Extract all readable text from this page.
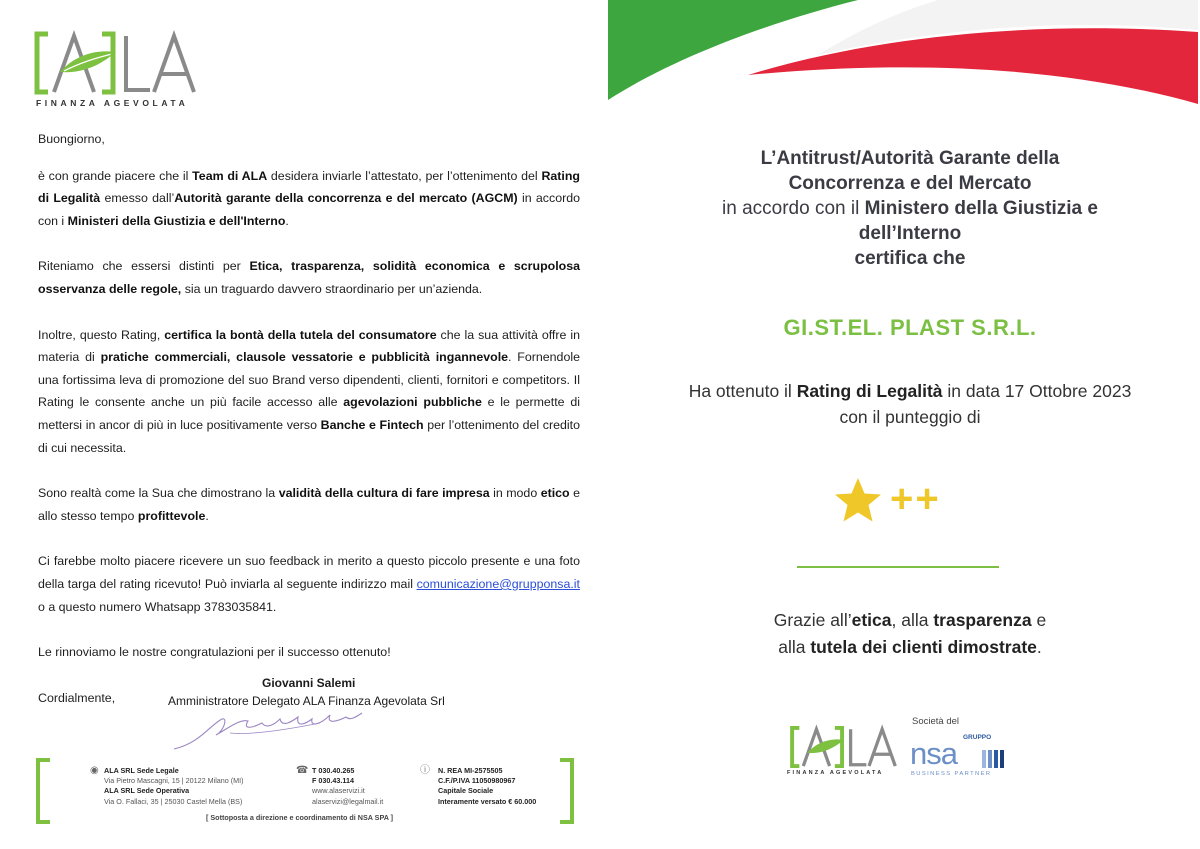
FINANZA AGEVOLATA

Buongiorno,

è con grande piacere che il Team di ALA desidera inviarle l’attestato, per l’ottenimento del Rating di Legalità emesso dall’Autorità garante della concorrenza e del mercato (AGCM) in accordo con i Ministeri della Giustizia e dell'Interno.

Riteniamo che essersi distinti per Etica, trasparenza, solidità economica e scrupolosa osservanza delle regole, sia un traguardo davvero straordinario per un’azienda.

Inoltre, questo Rating, certifica la bontà della tutela del consumatore che la sua attività offre in materia di pratiche commerciali, clausole vessatorie e pubblicità ingannevole. Fornendole una fortissima leva di promozione del suo Brand verso dipendenti, clienti, fornitori e competitors. Il Rating le consente anche un più facile accesso alle agevolazioni pubbliche e le permette di mettersi in ancor di più in luce positivamente verso Banche e Fintech per l’ottenimento del credito di cui necessita.

Sono realtà come la Sua che dimostrano la validità della cultura di fare impresa in modo etico e allo stesso tempo profittevole.

Ci farebbe molto piacere ricevere un suo feedback in merito a questo piccolo presente e una foto della targa del rating ricevuto! Può inviarla al seguente indirizzo mail comunicazione@grupponsa.it o a questo numero Whatsapp 3783035841.

Le rinnoviamo le nostre congratulazioni per il successo ottenuto!

Cordialmente,

Giovanni Salemi
Amministratore Delegato ALA Finanza Agevolata Srl
◉ ALA SRL Sede Legale
Via Pietro Mascagni, 15 | 20122 Milano (MI)
ALA SRL Sede Operativa
Via O. Fallaci, 35 | 25030 Castel Mella (BS)
☎ T 030.40.265
F 030.43.114
www.alaservizi.it
alaservizi@legalmail.it
ⓘ N. REA MI-2575505
C.F./P.IVA 11050980967
Capitale Sociale
Interamente versato € 60.000
[ Sottoposta a direzione e coordinamento di NSA SPA ]
L’Antitrust/Autorità Garante della
Concorrenza e del Mercato
in accordo con il Ministero della Giustizia e
dell’Interno
certifica che
GI.ST.EL. PLAST S.R.L.
Ha ottenuto il Rating di Legalità in data 17 Ottobre 2023
con il punteggio di
++
Grazie all’etica, alla trasparenza e
alla tutela dei clienti dimostrate.
FINANZA AGEVOLATA
Società del
GRUPPO
nsa
BUSINESS PARTNER
